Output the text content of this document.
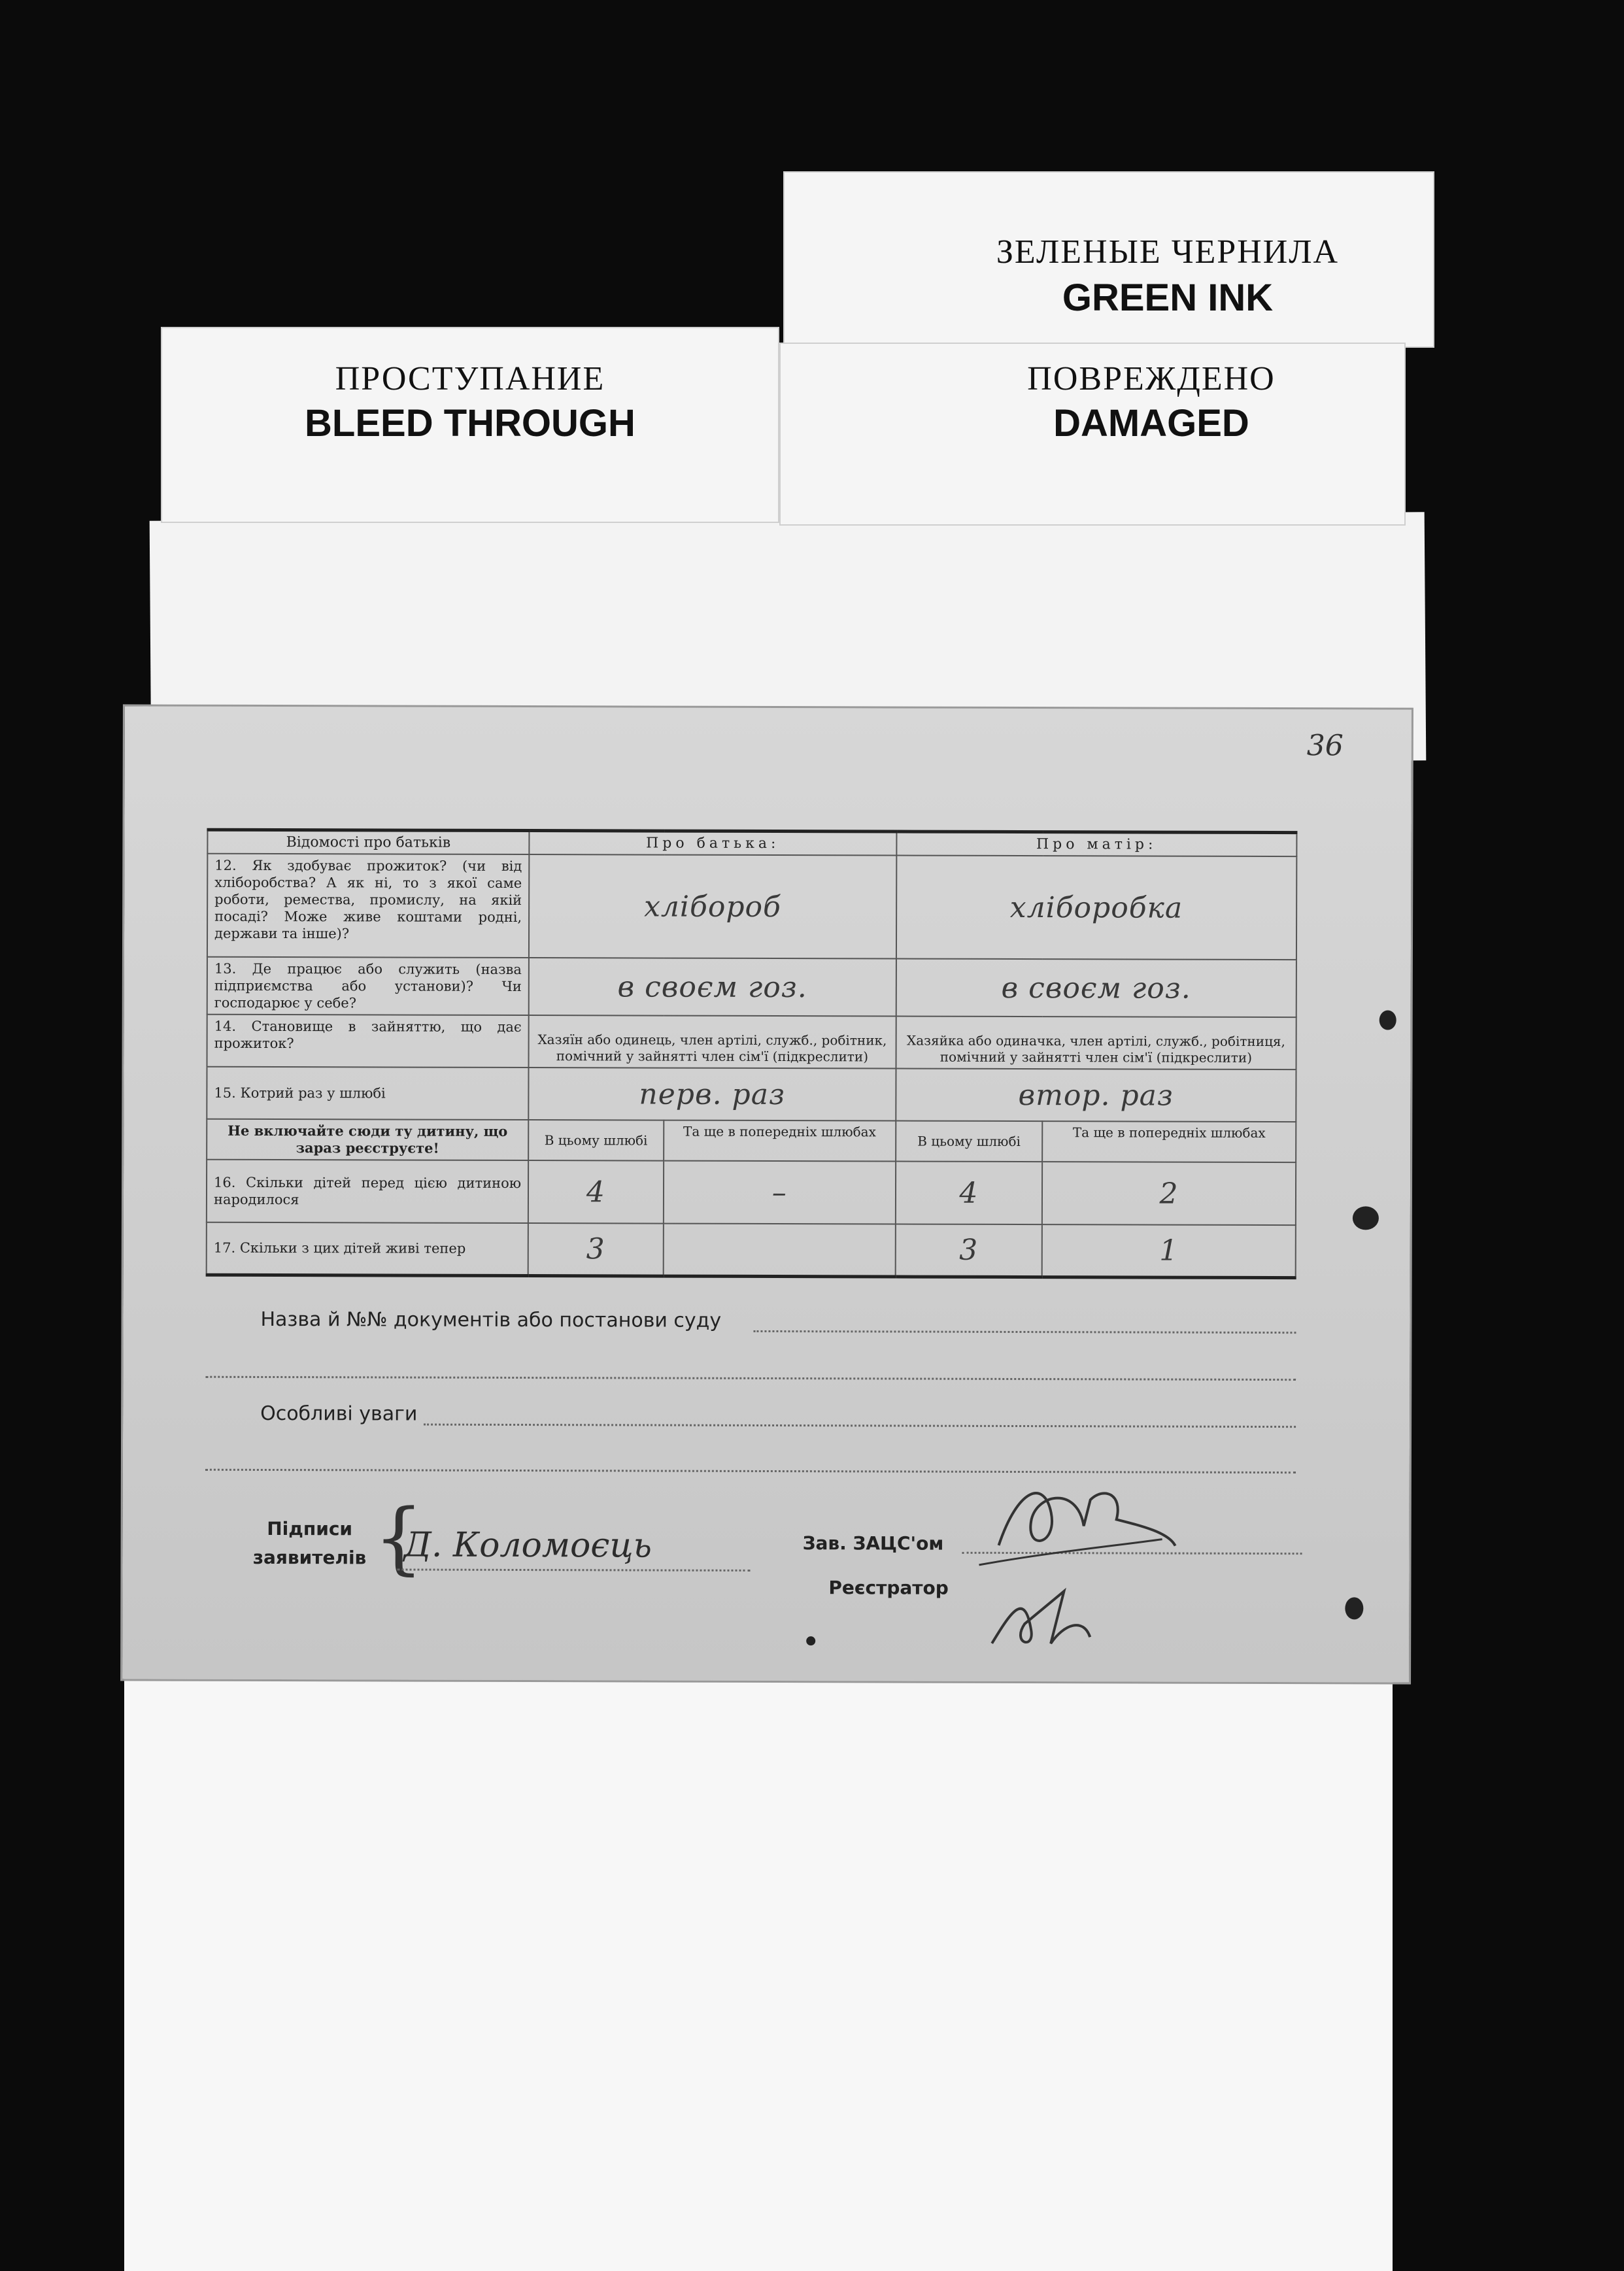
ЗЕЛЕНЫЕ ЧЕРНИЛА
GREEN INK
ПОВРЕЖДЕНО
DAMAGED
ПРОСТУПАНИЕ
BLEED THROUGH
36
Відомості про батьків	Про батька:		Про матір:	
12. Як здобуває прожиток? (чи від хліборобства? А як ні, то з якої саме роботи, ремества, промислу, на якій посаді? Може живе коштами родні, держави та інше)?	хлібороб		хліборобка	
13. Де працює або служить (назва підприємства або установи)? Чи господарює у себе?	в своєм гоз.		в своєм гоз.	
14. Становище в зайняттю, що дає прожиток?	Хазяїн або одинець, член артілі, служб., робітник, помічний у зайнятті член сім'ї (підкреслити)		Хазяйка або одиначка, член артілі, служб., робітниця, помічний у зайнятті член сім'ї (підкреслити)	
15. Котрий раз у шлюбі	перв. раз		втор. раз	
Не включайте сюди ту дитину, що зараз реєструєте!	В цьому шлюбі	Та ще в попередніх шлюбах	В цьому шлюбі	Та ще в попередніх шлюбах
16. Скільки дітей перед цією дитиною народилося	4	–	4	2
17. Скільки з цих дітей живі тепер	3		3	1
Назва й №№ документів або постанови суду
Особливі уваги
Підписи
заявителів {
Д. Коломоєць	Зав. ЗАЦС'ом
Реєстратор
